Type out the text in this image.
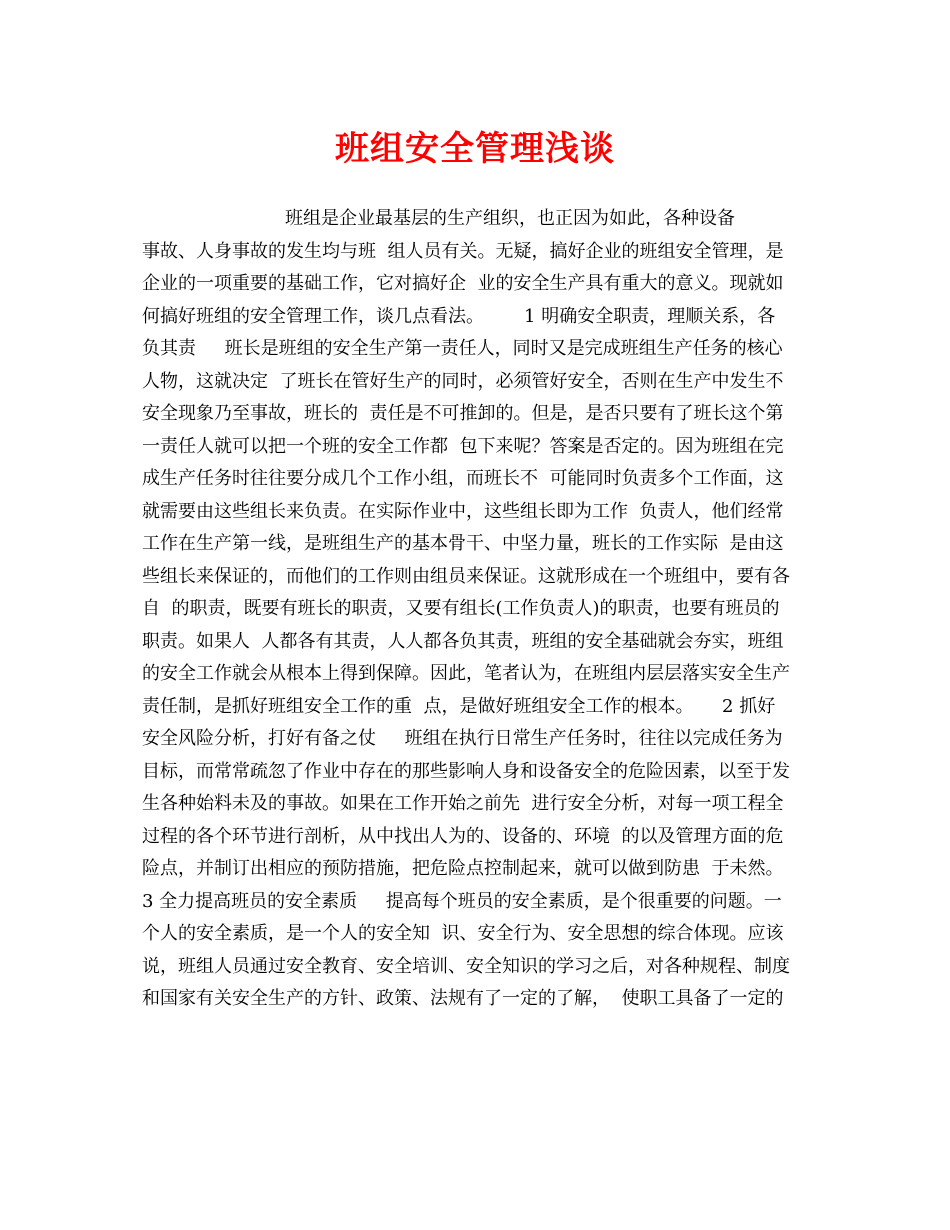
班组安全管理浅谈
班组是企业最基层的生产组织，也正因为如此，各种设备
事故、人身事故的发生均与班  组人员有关。无疑，搞好企业的班组安全管理，是
企业的一项重要的基础工作，它对搞好企  业的安全生产具有重大的意义。现就如
何搞好班组的安全管理工作，谈几点看法。       1 明确安全职责，理顺关系，各
负其责     班长是班组的安全生产第一责任人，同时又是完成班组生产任务的核心
人物，这就决定  了班长在管好生产的同时，必须管好安全，否则在生产中发生不
安全现象乃至事故，班长的  责任是不可推卸的。但是，是否只要有了班长这个第
一责任人就可以把一个班的安全工作都  包下来呢？答案是否定的。因为班组在完
成生产任务时往往要分成几个工作小组，而班长不  可能同时负责多个工作面，这
就需要由这些组长来负责。在实际作业中，这些组长即为工作  负责人，他们经常
工作在生产第一线，是班组生产的基本骨干、中坚力量，班长的工作实际  是由这
些组长来保证的，而他们的工作则由组员来保证。这就形成在一个班组中，要有各
自  的职责，既要有班长的职责，又要有组长(工作负责人)的职责，也要有班员的
职责。如果人  人都各有其责，人人都各负其责，班组的安全基础就会夯实，班组
的安全工作就会从根本上得到保障。因此，笔者认为，在班组内层层落实安全生产
责任制，是抓好班组安全工作的重  点，是做好班组安全工作的根本。     2 抓好
安全风险分析，打好有备之仗     班组在执行日常生产任务时，往往以完成任务为
目标，而常常疏忽了作业中存在的那些影响人身和设备安全的危险因素，以至于发
生各种始料未及的事故。如果在工作开始之前先  进行安全分析，对每一项工程全
过程的各个环节进行剖析，从中找出人为的、设备的、环境  的以及管理方面的危
险点，并制订出相应的预防措施，把危险点控制起来，就可以做到防患  于未然。
3 全力提高班员的安全素质     提高每个班员的安全素质，是个很重要的问题。一
个人的安全素质，是一个人的安全知  识、安全行为、安全思想的综合体现。应该
说，班组人员通过安全教育、安全培训、安全知识的学习之后，对各种规程、制度
和国家有关安全生产的方针、政策、法规有了一定的了解，  使职工具备了一定的
